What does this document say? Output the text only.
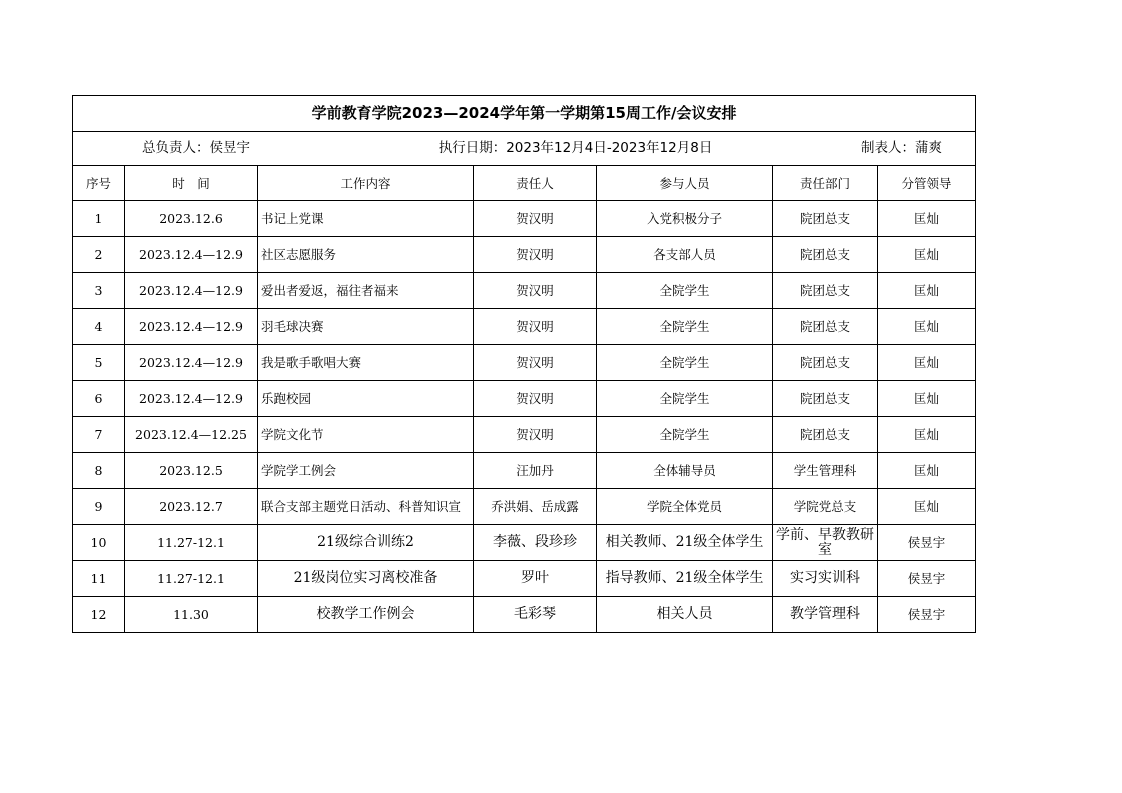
学前教育学院2023—2024学年第一学期第15周工作/会议安排						

总负责人：侯昱宇 执行日期：2023年12月4日-2023年12月8日 制表人：蒲爽						

序号	时　间	工作内容	责任人	参与人员	责任部门	分管领导
1	2023.12.6	书记上党课	贺汉明	入党积极分子	院团总支	匡灿
2	2023.12.4—12.9	社区志愿服务	贺汉明	各支部人员	院团总支	匡灿
3	2023.12.4—12.9	爱出者爱返，福往者福来	贺汉明	全院学生	院团总支	匡灿
4	2023.12.4—12.9	羽毛球决赛	贺汉明	全院学生	院团总支	匡灿
5	2023.12.4—12.9	我是歌手歌唱大赛	贺汉明	全院学生	院团总支	匡灿
6	2023.12.4—12.9	乐跑校园	贺汉明	全院学生	院团总支	匡灿
7	2023.12.4—12.25	学院文化节	贺汉明	全院学生	院团总支	匡灿
8	2023.12.5	学院学工例会	汪加丹	全体辅导员	学生管理科	匡灿
9	2023.12.7	联合支部主题党日活动、科普知识宣	乔洪娟、岳成露	学院全体党员	学院党总支	匡灿
10	11.27-12.1	21级综合训练2	李薇、段珍珍	相关教师、21级全体学生	学前、早教教研室	侯昱宇
11	11.27-12.1	21级岗位实习离校准备	罗叶	指导教师、21级全体学生	实习实训科	侯昱宇
12	11.30	校教学工作例会	毛彩琴	相关人员	教学管理科	侯昱宇
